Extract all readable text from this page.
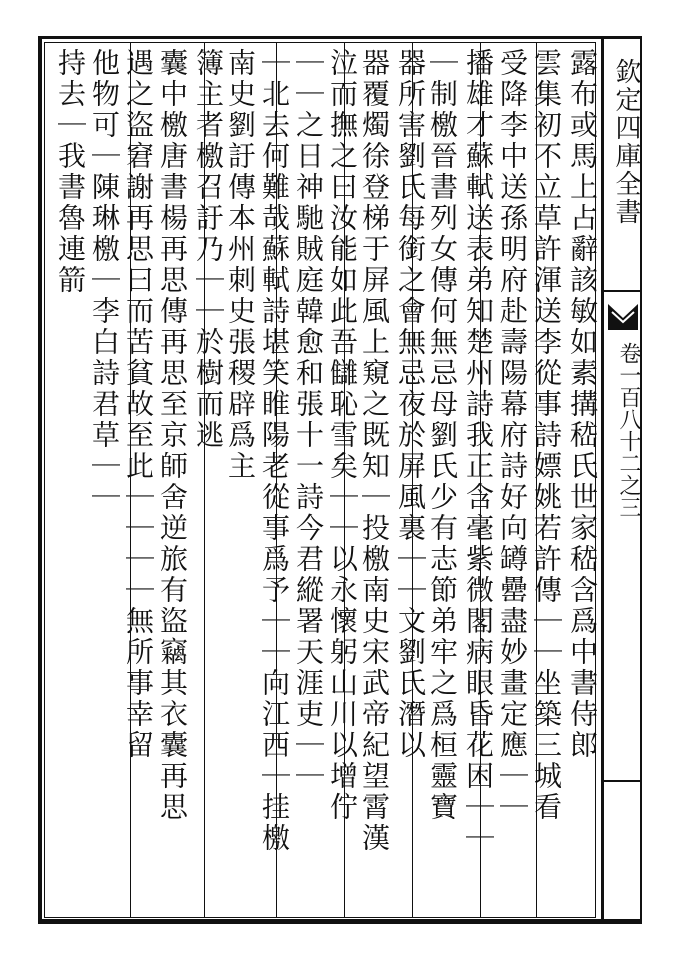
欽定四庫全書
卷一百八十二之三
露布或馬上占辭該敏如素搆嵇氏世家嵇含爲中書侍郎
雲集初不立草許渾送李從事詩嫖姚若許傳｜｜坐築三城看
受降李中送孫明府赴壽陽幕府詩好向罇罍盡妙畫定應｜｜
播雄才蘇軾送表弟知楚州詩我正含毫紫微閣病眼昏花困｜｜
｜制檄晉書列女傳何無忌母劉氏少有志節弟牢之爲桓靈寶
器所害劉氏每銜之會無忌夜於屏風裏｜｜文劉氏潛以
器覆燭徐登梯于屏風上窺之既知｜投檄南史宋武帝紀望霄漢
泣而撫之曰汝能如此吾讎恥雪矣｜｜以永懷躬山川以增佇
｜｜之日神馳賊庭韓愈和張十一詩今君縱署天涯吏｜｜
｜北去何難哉蘇軾詩堪笑睢陽老從事爲予｜｜向江西｜挂檄
南史劉訏傳本州刺史張稷辟爲主
簿主者檄召訏乃｜｜於樹而逃
囊中檄唐書楊再思傳再思至京師舍逆旅有盜竊其衣囊再思
遇之盜窘謝再思曰而苦貧故至此｜｜｜｜無所事幸留
他物可｜陳琳檄｜李白詩君草｜｜
持去｜我書魯連箭
